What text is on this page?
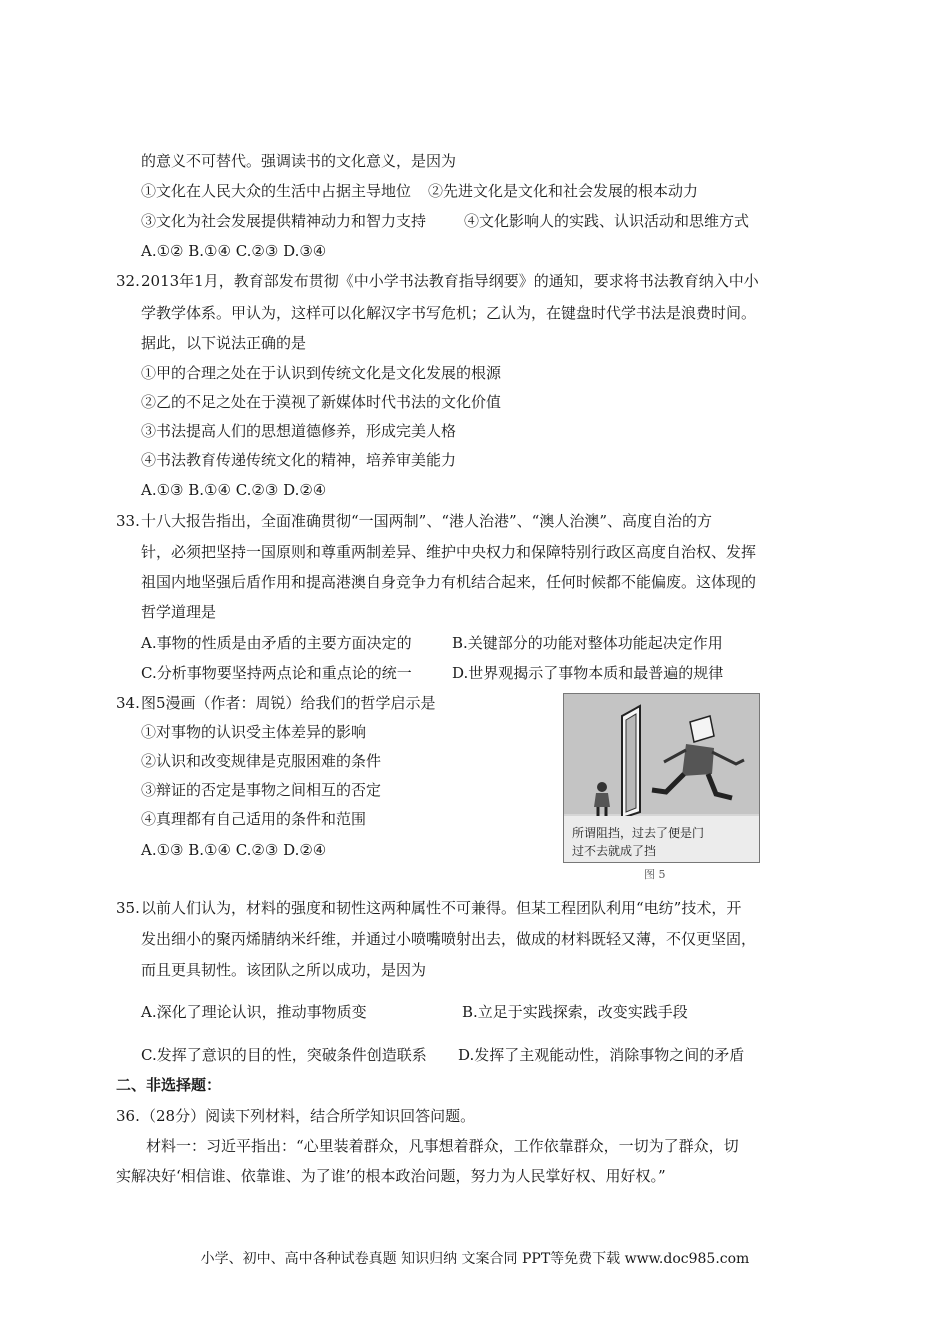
的意义不可替代。强调读书的文化意义，是因为
①文化在人民大众的生活中占据主导地位 ②先进文化是文化和社会发展的根本动力
③文化为社会发展提供精神动力和智力支持	④文化影响人的实践、认识活动和思维方式
A.①② B.①④ C.②③ D.③④
32. 2013年1月，教育部发布贯彻《中小学书法教育指导纲要》的通知，要求将书法教育纳入中小
学教学体系。甲认为，这样可以化解汉字书写危机；乙认为，在键盘时代学书法是浪费时间。
据此，以下说法正确的是
①甲的合理之处在于认识到传统文化是文化发展的根源
②乙的不足之处在于漠视了新媒体时代书法的文化价值
③书法提高人们的思想道德修养，形成完美人格
④书法教育传递传统文化的精神，培养审美能力
A.①③ B.①④ C.②③ D.②④
33. 十八大报告指出，全面准确贯彻“一国两制”、“港人治港”、“澳人治澳”、高度自治的方
针，必须把坚持一国原则和尊重两制差异、维护中央权力和保障特别行政区高度自治权、发挥
祖国内地坚强后盾作用和提高港澳自身竞争力有机结合起来，任何时候都不能偏废。这体现的
哲学道理是
A.事物的性质是由矛盾的主要方面决定的	B.关键部分的功能对整体功能起决定作用
C.分析事物要坚持两点论和重点论的统一	D.世界观揭示了事物本质和最普遍的规律
34. 图5漫画（作者：周锐）给我们的哲学启示是
①对事物的认识受主体差异的影响
②认识和改变规律是克服困难的条件
③辩证的否定是事物之间相互的否定
④真理都有自己适用的条件和范围
A.①③ B.①④ C.②③ D.②④
所谓阻挡，过去了便是门
过不去就成了挡
图 5
35. 以前人们认为，材料的强度和韧性这两种属性不可兼得。但某工程团队利用“电纺”技术，开
发出细小的聚丙烯腈纳米纤维，并通过小喷嘴喷射出去，做成的材料既轻又薄，不仅更坚固，
而且更具韧性。该团队之所以成功，是因为
A.深化了理论认识，推动事物质变	B.立足于实践探索，改变实践手段
C.发挥了意识的目的性，突破条件创造联系 D.发挥了主观能动性，消除事物之间的矛盾
二、非选择题：
36. （28分）阅读下列材料，结合所学知识回答问题。
材料一：习近平指出：“心里装着群众，凡事想着群众，工作依靠群众，一切为了群众，切
实解决好‘相信谁、依靠谁、为了谁’的根本政治问题，努力为人民掌好权、用好权。”
小学、初中、高中各种试卷真题 知识归纳 文案合同 PPT等免费下载 www.doc985.com
